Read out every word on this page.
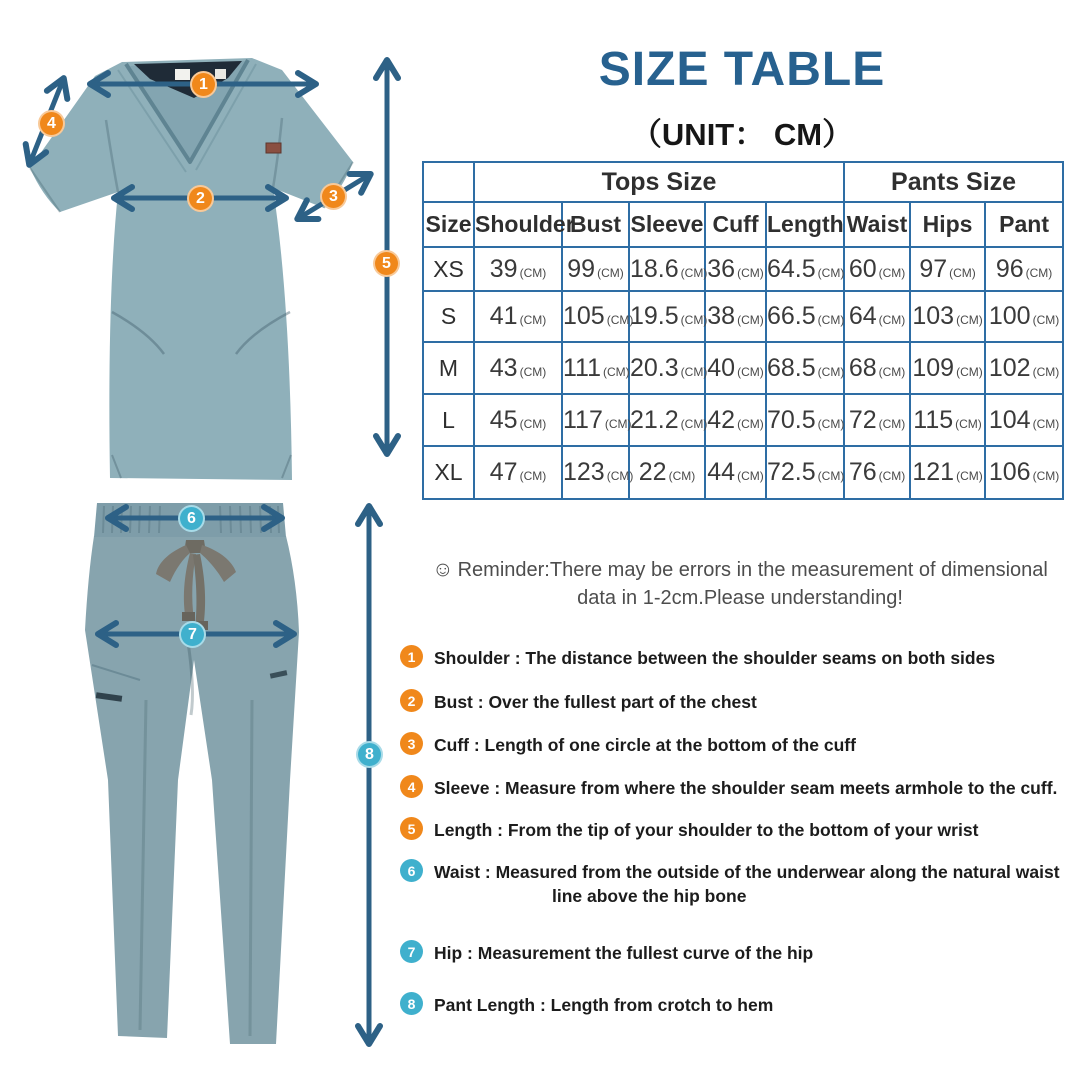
1
2	3
4
5
6
7
8
SIZE TABLE
（UNIT： CM）
	Tops Size					Pants Size		
Size	Shoulder	Bust	Sleeve	Cuff	Length	Waist	Hips	Pant
XS	39 (CM)	99 (CM)	18.6 (CM)	36 (CM)	64.5 (CM)	60 (CM)	97 (CM)	96 (CM)
S	41 (CM)	105 (CM)	19.5 (CM)	38 (CM)	66.5 (CM)	64 (CM)	103 (CM)	100 (CM)
M	43 (CM)	111 (CM)	20.3 (CM)	40 (CM)	68.5 (CM)	68 (CM)	109 (CM)	102 (CM)
L	45 (CM)	117 (CM)	21.2 (CM)	42 (CM)	70.5 (CM)	72 (CM)	115 (CM)	104 (CM)
XL	47 (CM)	123 (CM)	22 (CM)	44 (CM)	72.5 (CM)	76 (CM)	121 (CM)	106 (CM)
☺ Reminder:There may be errors in the measurement of dimensional
data in 1-2cm.Please understanding!
1	Shoulder : The distance between the shoulder seams on both sides
2	Bust : Over the fullest part of the chest
3	Cuff : Length of one circle at the bottom of the cuff
4	Sleeve : Measure from where the shoulder seam meets armhole to the cuff.
5	Length : From the tip of your shoulder to the bottom of your wrist
6	Waist : Measured from the outside of the underwear along the natural waist line above the hip bone
7	Hip : Measurement the fullest curve of the hip
8	Pant Length : Length from crotch to hem
